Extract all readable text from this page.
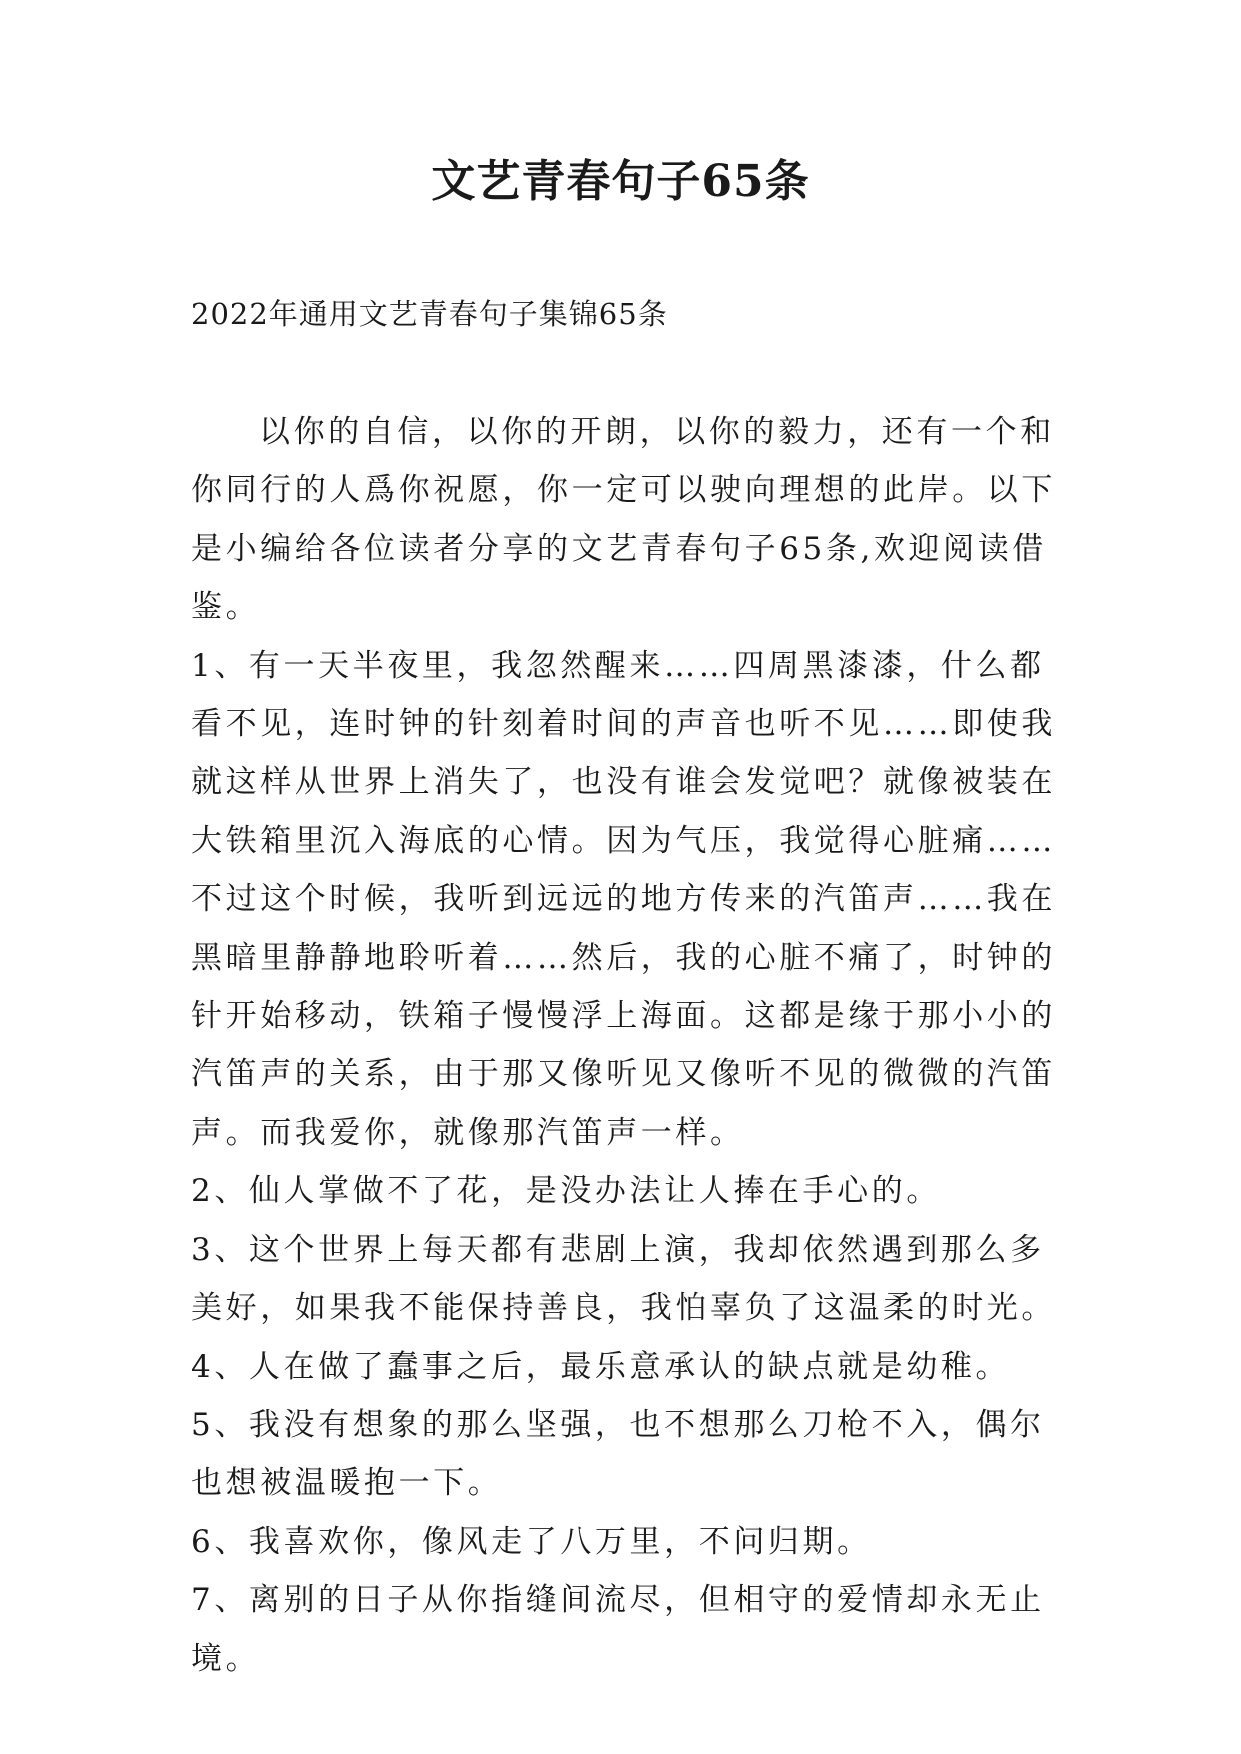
文艺青春句子65条
2022年通用文艺青春句子集锦65条

以你的自信，以你的开朗，以你的毅力，还有一个和你同行的人爲你祝愿，你一定可以驶向理想的此岸。以下是小编给各位读者分享的文艺青春句子65条,欢迎阅读借鉴。

1、有一天半夜里，我忽然醒来……四周黑漆漆，什么都看不见，连时钟的针刻着时间的声音也听不见……即使我就这样从世界上消失了，也没有谁会发觉吧？就像被装在大铁箱里沉入海底的心情。因为气压，我觉得心脏痛……不过这个时候，我听到远远的地方传来的汽笛声……我在黑暗里静静地聆听着……然后，我的心脏不痛了，时钟的针开始移动，铁箱子慢慢浮上海面。这都是缘于那小小的汽笛声的关系，由于那又像听见又像听不见的微微的汽笛声。而我爱你，就像那汽笛声一样。

2、仙人掌做不了花，是没办法让人捧在手心的。

3、这个世界上每天都有悲剧上演，我却依然遇到那么多美好，如果我不能保持善良，我怕辜负了这温柔的时光。

4、人在做了蠢事之后，最乐意承认的缺点就是幼稚。

5、我没有想象的那么坚强，也不想那么刀枪不入，偶尔也想被温暖抱一下。

6、我喜欢你，像风走了八万里，不问归期。

7、离别的日子从你指缝间流尽，但相守的爱情却永无止境。
